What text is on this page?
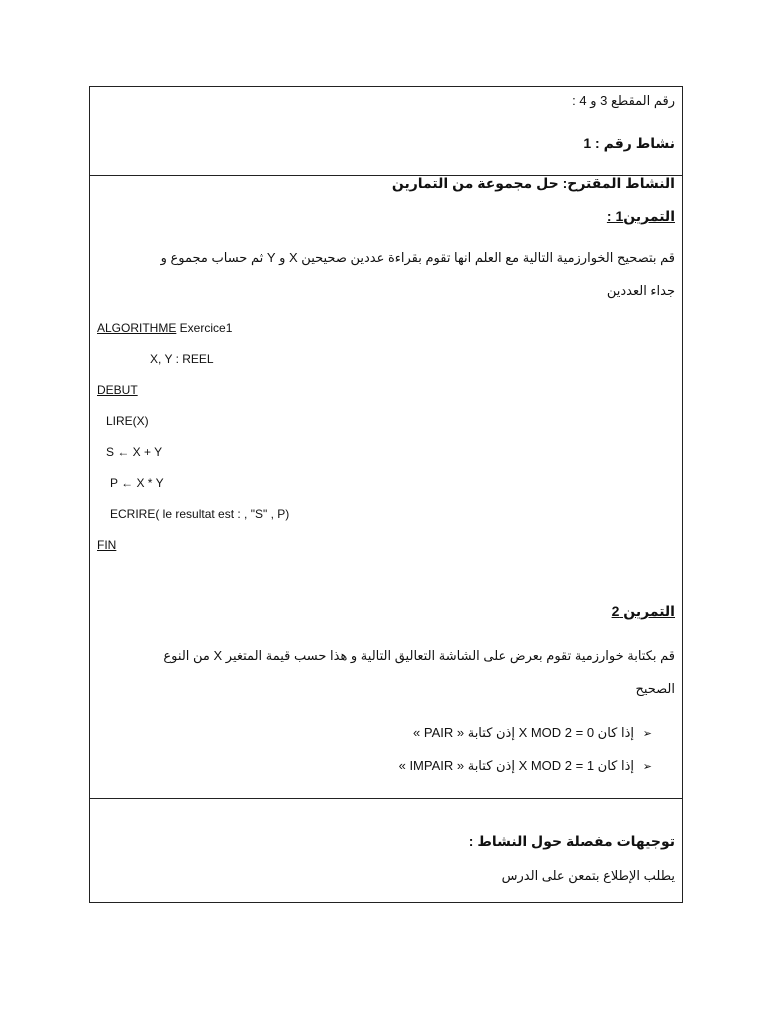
رقم المقطع 3 و 4 :
نشاط رقم : 1
النشاط المقترح: حل مجموعة من التمارين
التمرين1 :
قم بتصحيح الخوارزمية التالية مع العلم انها تقوم بقراءة عددين صحيحين X و Y ثم حساب مجموع و
جداء العددين
ALGORITHME Exercice1
X, Y : REEL
DEBUT
LIRE(X)
S ← X + Y
P ← X * Y
ECRIRE( le resultat est : , "S" , P)
FIN
التمرين 2
قم بكتابة خوارزمية تقوم بعرض على الشاشة التعاليق التالية و هذا حسب قيمة المتغير X من النوع
الصحيح
➢
إذا كان X MOD 2 = 0 إذن كتابة « PAIR »
➢
إذا كان X MOD 2 = 1 إذن كتابة « IMPAIR »
توجيهات مفصلة حول النشاط :
يطلب الإطلاع بتمعن على الدرس
